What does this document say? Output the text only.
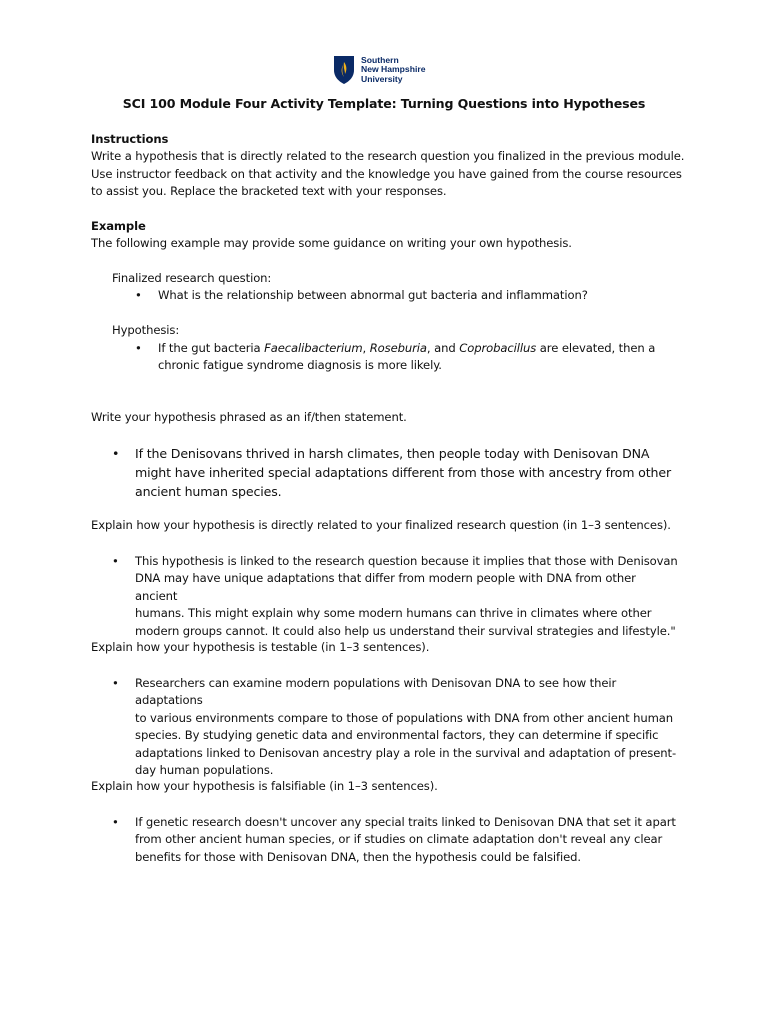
Southern
New Hampshire
University
SCI 100 Module Four Activity Template: Turning Questions into Hypotheses

Instructions

Write a hypothesis that is directly related to the research question you finalized in the previous module.

Use instructor feedback on that activity and the knowledge you have gained from the course resources

to assist you. Replace the bracketed text with your responses.

Example

The following example may provide some guidance on writing your own hypothesis.

Finalized research question:

• What is the relationship between abnormal gut bacteria and inflammation?

Hypothesis:

• If the gut bacteria Faecalibacterium, Roseburia, and Coprobacillus are elevated, then a
chronic fatigue syndrome diagnosis is more likely.

Write your hypothesis phrased as an if/then statement.

• If the Denisovans thrived in harsh climates, then people today with Denisovan DNA
might have inherited special adaptations different from those with ancestry from other
ancient human species.

Explain how your hypothesis is directly related to your finalized research question (in 1–3 sentences).

• This hypothesis is linked to the research question because it implies that those with Denisovan
DNA may have unique adaptations that differ from modern people with DNA from other ancient
humans. This might explain why some modern humans can thrive in climates where other
modern groups cannot. It could also help us understand their survival strategies and lifestyle."

Explain how your hypothesis is testable (in 1–3 sentences).

• Researchers can examine modern populations with Denisovan DNA to see how their adaptations
to various environments compare to those of populations with DNA from other ancient human
species. By studying genetic data and environmental factors, they can determine if specific
adaptations linked to Denisovan ancestry play a role in the survival and adaptation of present-
day human populations.

Explain how your hypothesis is falsifiable (in 1–3 sentences).

• If genetic research doesn't uncover any special traits linked to Denisovan DNA that set it apart
from other ancient human species, or if studies on climate adaptation don't reveal any clear
benefits for those with Denisovan DNA, then the hypothesis could be falsified.
